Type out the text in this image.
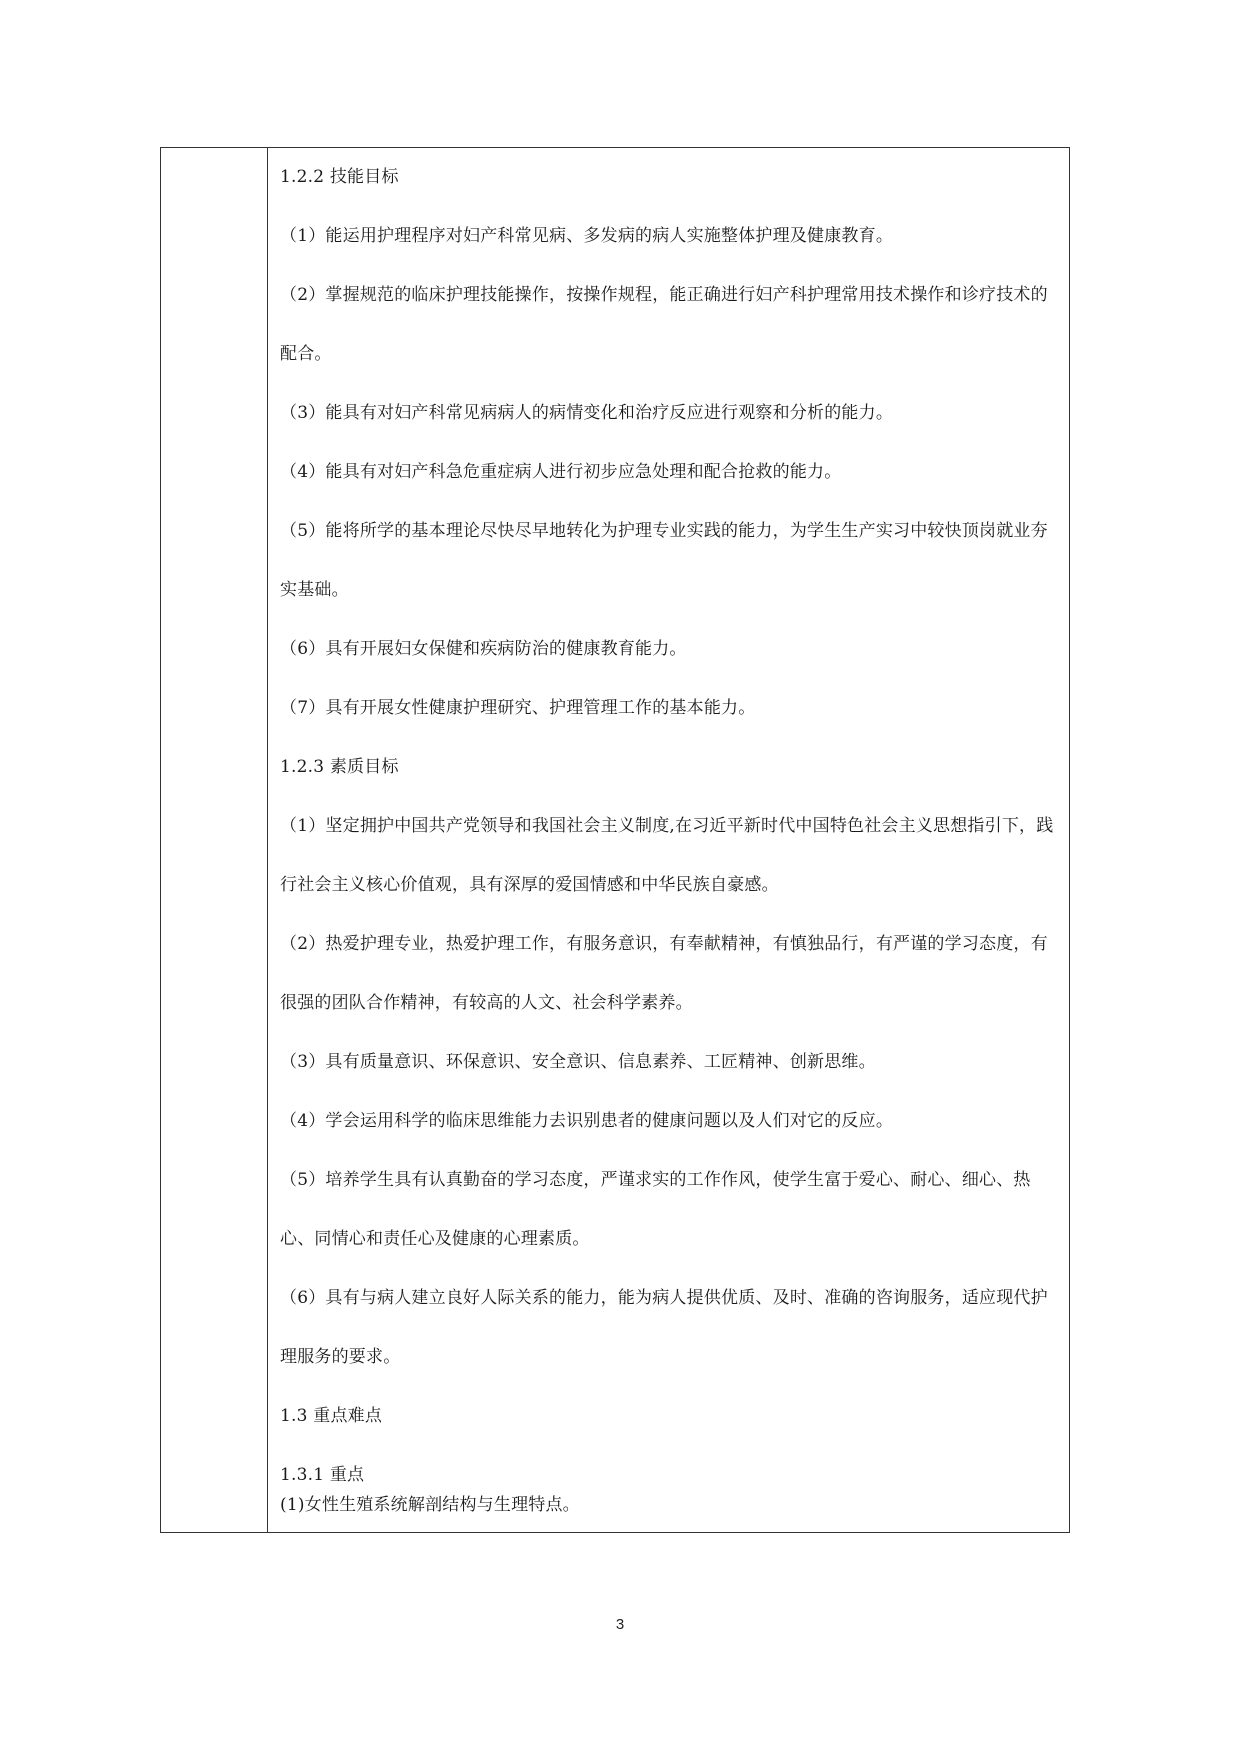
1.2.2 技能目标

（1）能运用护理程序对妇产科常见病、多发病的病人实施整体护理及健康教育。

（2）掌握规范的临床护理技能操作，按操作规程，能正确进行妇产科护理常用技术操作和诊疗技术的配合。

（3）能具有对妇产科常见病病人的病情变化和治疗反应进行观察和分析的能力。

（4）能具有对妇产科急危重症病人进行初步应急处理和配合抢救的能力。

（5）能将所学的基本理论尽快尽早地转化为护理专业实践的能力，为学生生产实习中较快顶岗就业夯实基础。

（6）具有开展妇女保健和疾病防治的健康教育能力。

（7）具有开展女性健康护理研究、护理管理工作的基本能力。

1.2.3 素质目标

（1）坚定拥护中国共产党领导和我国社会主义制度,在习近平新时代中国特色社会主义思想指引下，践行社会主义核心价值观，具有深厚的爱国情感和中华民族自豪感。

（2）热爱护理专业，热爱护理工作，有服务意识，有奉献精神，有慎独品行，有严谨的学习态度，有很强的团队合作精神，有较高的人文、社会科学素养。

（3）具有质量意识、环保意识、安全意识、信息素养、工匠精神、创新思维。

（4）学会运用科学的临床思维能力去识别患者的健康问题以及人们对它的反应。

（5）培养学生具有认真勤奋的学习态度，严谨求实的工作作风，使学生富于爱心、耐心、细心、热心、同情心和责任心及健康的心理素质。

（6）具有与病人建立良好人际关系的能力，能为病人提供优质、及时、准确的咨询服务，适应现代护理服务的要求。

1.3 重点难点

1.3.1 重点

(1)女性生殖系统解剖结构与生理特点。

3
